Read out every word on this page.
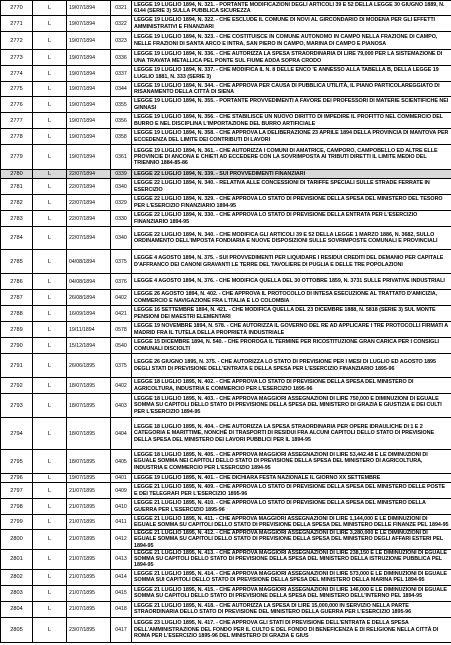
2770	L	19/07/1894	0321	LEGGE 19 LUGLIO 1894, N. 321. - PORTANTE MODIFICAZIONI DEGLI ARTICOLI 39 E 52 DELLA LEGGE 30 GIUGNO 1889, N. 6144 (SERIE 3) SULLA PUBBLICA SICUREZZA
2771	L	19/07/1894	0322	LEGGE 19 LUGLIO 1894, N. 322. - CHE ESCLUDE IL COMUNE DI NOVI AL GIRCONDARIO DI MODENA PER GLI EFFETTI AMMINISTRATIVI E FINANZIARI
2772	L	19/07/1894	0323	LEGGE 19 LUGLIO 1894, N. 323. - CHE COSTITUISCE IN COMUNE AUTONOMO IN CAMPO NELLA FRAZIONE DI CAMPO, NELLE FRAZIONI DI SANTA ARCO E INTRA, SAN PIERO IN CAMPO, MARINA DI CAMPO E PIANOSA
2773	L	19/07/1894	0336	LEGGE 19 LUGLIO 1894, N. 336. - CHE AUTORIZZA LA SPESA STRAORDINARIA DI LIRE 79,000 PER LA SISTEMAZIONE DI UNA TRAVATA METALLICA PEL PONTE SUL FIUME ADDA SOPRA CRODO
2774	L	19/07/1894	0337	LEGGE 19 LUGLIO 1894, N. 337. - CHE MODIFICA IL N. 8 DELLE ENCO 'E ANNESSO ALLA TABELLA B, DELLA LEGGE 19 LUGLIO 1881, N. 333 (SERIE 3)
2775	L	19/07/1894	0344	LEGGE 19 LUGLIO 1894, N. 344. - CHE APPROVA PER CAUSA DI PUBBLICA UTILITÀ, IL PIANO PARTICOLAREGGIATO DI RISANAMENTO DELLA CITTÀ DI SIENA
2776	L	19/07/1894	0355	LEGGE 19 LUGLIO 1894, N. 355. - PORTANTE PROVVEDIMENTI A FAVORE DEI PROFESSORI DI MATERIE SCIENTIFICHE NEI GINNASI
2777	L	19/07/1894	0356	LEGGE 19 LUGLIO 1894, N. 356. - CHE STABILISCE UN NUOVO DIRITTO DI IMPEDIRE IL PROFITTO NEL COMMERCIO DEL BURRO E NEL DISCIPLINA L'IMPORTAZIONE DEL BURRO ARTIFICIALE
2778	L	19/07/1894	0358	LEGGE 19 LUGLIO 1894, N. 358. - CHE APPROVA LA DELIBERAZIONE 23 APRILE 1894 DELLA PROVINCIA DI MANTOVA PER ECCEDENZA DEL LIMITE DEI CONTRIBUTI DI LAVORI
2779	L	19/07/1894	0361	LEGGE 19 LUGLIO 1894, N. 361. - CHE AUTORIZZA I COMUNI DI AMATRICE, CAMPORO, CAMPOBELLO ED ALTRE ELLE PROVINCIE DI ANCONA E CHIETI AD ECCEDERE CON LA SOVRIMPOSTA AI TRIBUTI DIRETTI IL LIMITE MEDIO DEL TRIENNIO 1884-85-86
2780	L	22/07/1894	0339	LEGGE 22 LUGLIO 1894, N. 339. - SUI PROVVEDIMENTI FINANZIARI
2781	L	22/07/1894	0340	LEGGE 22 LUGLIO 1894, N. 340. - RELATIVA ALLE CONCESSIONI DI TARIFFE SPECIALI SULLE STRADE FERRATE IN ESERCIZIO
2782	L	22/07/1894	0329	LEGGE 22 LUGLIO 1894, N. 329. - CHE APPROVA LO STATO DI PREVISIONE DELLA SPESA DEL MINISTERO DEL TESORO PER L'ESERCIZIO FINANZIARIO 1894-95
2783	L	22/07/1894	0330	LEGGE 22 LUGLIO 1894, N. 330. - CHE APPROVA LO STATO DI PREVISIONE DELLA ENTRATA PER L'ESERCIZIO FINANZIARIO 1894-95
2784	L	22/07/1894	0340	LEGGE 22 LUGLIO 1894, N. 340. - CHE MODIFICA GLI ARTICOLI 39 E 52 DELLA LEGGE 1 MARZO 1886, N. 3682, SULLO ORDINAMENTO DELL'IMPOSTA FONDIARIA E NUOVE DISPOSIZIONI SULLE SOVRIMPOSTE COMUNALI E PROVINCIALI
2785	L	04/08/1894	0375	LEGGE 4 AGOSTO 1894, N. 375. - SUI PROVVEDIMENTI PER LIQUIDARE I RESIDUI CREDITI DEL DEMANIO PER CAPITALE D'AFFRANCO DEI CANONI GRAVANTI LE TERRE DEL TAVOLIERE DI PUGLIA E DELLE TRE POPOLAZIONI
2786	L	04/08/1894	0376	LEGGE 4 AGOSTO 1894, N. 376. - CHE MODIFICA QUELLA DEL 30 OTTOBRE 1859, N. 3731 SULLE PRIVATIVE INDUSTRIALI
2787	L	26/08/1894	0402	LEGGE 26 AGOSTO 1894, N. 402. - CHE APPROVA IL PROTOCOLLO DI INTESA ESECUZIONE AL TRATTATO D'AMICIZIA, COMMERCIO E NAVIGAZIONE FRA L'ITALIA E LO COLOMBIA
2788	L	16/09/1894	0421	LEGGE 16 SETTEMBRE 1894, N. 421. - CHE MODIFICA QUELLA DEL 23 DICEMBRE 1888, N. 5818 (SERIE 3) SUL MONTE PENSIONI DEI MAESTRI ELEMENTARI
2789	L	19/11/1894	0578	LEGGE 19 NOVEMBRE 1894, N. 578. - CHE AUTORIZZA IL GOVERNO DEL RE AD APPLICARE I TRE PROTOCOLLI FIRMATI A MADRID FRA IL TUTELA DELLA PROPRIETÀ INDUSTRIALE
2790	L	15/12/1894	0540	LEGGE 15 DICEMBRE 1894, N. 540. - CHE PROROGA IL TERMINE PER RICOSTITUZIONE GRAN CARICA PER I CONSIGLI COMUNALI DISCIOLTI
2791	L	26/06/1895	0375	LEGGE 26 GIUGNO 1895, N. 375. - CHE AUTORIZZA LO STATO DI PREVISIONE PER I MESI DI LUGLIO ED AGOSTO 1895 DEGLI STATI DI PREVISIONE DELL'ENTRATA E DELLA SPESA PER L'ESERCIZIO FINANZIARIO 1895-96
2792	L	18/07/1895	0402	LEGGE 18 LUGLIO 1895, N. 402. - CHE APPROVA LO STATO DI PREVISIONE DELLA SPESA DEL MINISTERO DI AGRICOLTURA, INDUSTRIA E COMMERCIO PER L'ESERCIZIO 1895-96
2793	L	18/07/1895	0403	LEGGE 18 LUGLIO 1895, N. 403. - CHE APPROVA MAGGIORI ASSEGNAZIONI DI LIRE 750,000 E DIMINUZIONI DI EGUALE SOMMA SU CAPITOLI DELLO STATO DI PREVISIONE DELLA SPESA DEL MINISTERO DI GRAZIA E GIUSTIZIA E DEI CULTI PER L'ESERCIZIO 1894-95
2794	L	18/07/1895	0404	LEGGE 18 LUGLIO 1895, N. 404. - CHE AUTORIZZA LA SPESA STRAORDINARIA PER OPERE IDRAULICHE DI 1 E 2 CATEGORIA E MARITTIME, NONCHÉ DI TRASPORTI DI RESIDUI FRA ALCUNI CAPITOLI DELLO STATO DI PREVISIONE DELLA SPESA DEL MINISTERO DEI LAVORI PUBBLICI PER IL 1894-95
2795	L	18/07/1895	0405	LEGGE 18 LUGLIO 1895, N. 405. - CHE APPROVA MAGGIORI ASSEGNAZIONI DI LIRE 53,442.48 E LE DIMINUZIONI DI EGUALE SOMMA NEI CAPITOLI DELLO STATO DI PREVISIONE DELLA SPESA DEL MINISTERO DI AGRICOLTURA, INDUSTRIA E COMMERCIO PER L'ESERCIZIO 1894-95
2796	L	19/07/1895	0401	LEGGE 19 LUGLIO 1895, N. 401. - CHE DICHIARA FESTA NAZIONALE IL GIORNO XX SETTEMBRE
2797	L	21/07/1895	0409	LEGGE 21 LUGLIO 1895, N. 409. - CHE APPROVA LO STATO DI PREVISIONE DELLA SPESA DEL MINISTERO DELLE POSTE E DEI TELEGRAFI PER L'ESERCIZIO 1895-96
2798	L	21/07/1895	0410	LEGGE 21 LUGLIO 1895, N. 410. - CHE APPROVA LO STATO DI PREVISIONE DELLA SPESA DEL MINISTERO DELLA GUERRA PER L'ESERCIZIO 1895-96
2799	L	21/07/1895	0411	LEGGE 21 LUGLIO 1895, N. 411. - CHE APPROVA MAGGIORI ASSEGNAZIONI DI LIRE 1,144,000 E LE DIMINUZIONI DI EGUALE SOMMA SU CAPITOLI DELLO STATO DI PREVISIONE DELLA SPESA DEL MINISTERO DELLE FINANZE PEL 1894-95
2800	L	21/07/1895	0412	LEGGE 21 LUGLIO 1895, N. 412. - CHE APPROVA MAGGIORI ASSEGNAZIONI DI LIRE 3,280,000 E LE DIMINUZIONI DI EGUALE SOMMA SU CAPITOLI DELLO STATO DI PREVISIONE DELLA SPESA DEL MINISTERO DEGLI AFFARI ESTERI PEL 1894-95
2801	L	21/07/1895	0413	LEGGE 21 LUGLIO 1895, N. 413. - CHE APPROVA MAGGIORI ASSEGNAZIONI DI LIRE 238,150 E LE DIMINUZIONI DI EGUALE SOMMA SU CAPITOLI DELLO STATO DI PREVISIONE DELLA SPESA DEL MINISTERO DELLA ISTRUZIONE PUBBLICA PEL 1894-95
2802	L	21/07/1895	0414	LEGGE 21 LUGLIO 1895, N. 414. - CHE APPROVA MAGGIORI ASSEGNAZIONI DI LIRE 573,000 E LE DIMINUZIONI DI EGUALE SOMMA SUI CAPITOLI DELLO STATO DI PREVISIONE DELLA SPESA DEL MINISTERO DELLA MARINA PEL 1894-95
2803	L	21/07/1895	0415	LEGGE 21 LUGLIO 1895, N. 415. - CHE APPROVA MAGGIORI ASSEGNAZIONI DI LIRE 146,000 E LE DIMINUZIONI DI EGUALE SOMMA SU CAPITOLI DELLO STATO DI PREVISIONE DELLA SPESA DEL MINISTERO DELL'INTERNO PEL 1894-95
2804	L	21/07/1895	0418	LEGGE 21 LUGLIO 1895, N. 418. - CHE AUTORIZZA LA SPESA DI LIRE 15,000,000 IN SERVIZIO NELLA PARTE STRAORDINARIA DELLO STATO DI PREVISIONE DEL MINISTERO DELLA GUERRA PER L'ESERCIZIO 1895-96
2805	L	23/07/1895	0417	LEGGE 23 LUGLIO 1895, N. 417. - CHE APPROVA GLI STATI DI PREVISIONE DELL'ENTRATA E DELLA SPESA DELL'AMMINISTRAZIONE DEL FONDO PER IL CULTO E DEL FONDO DI BENEFICENZA E DI RELIGIONE NELLA CITTÀ DI ROMA PER L'ESERCIZIO 1895-96 DEL MINISTERO DI GRAZIA E GIUS
